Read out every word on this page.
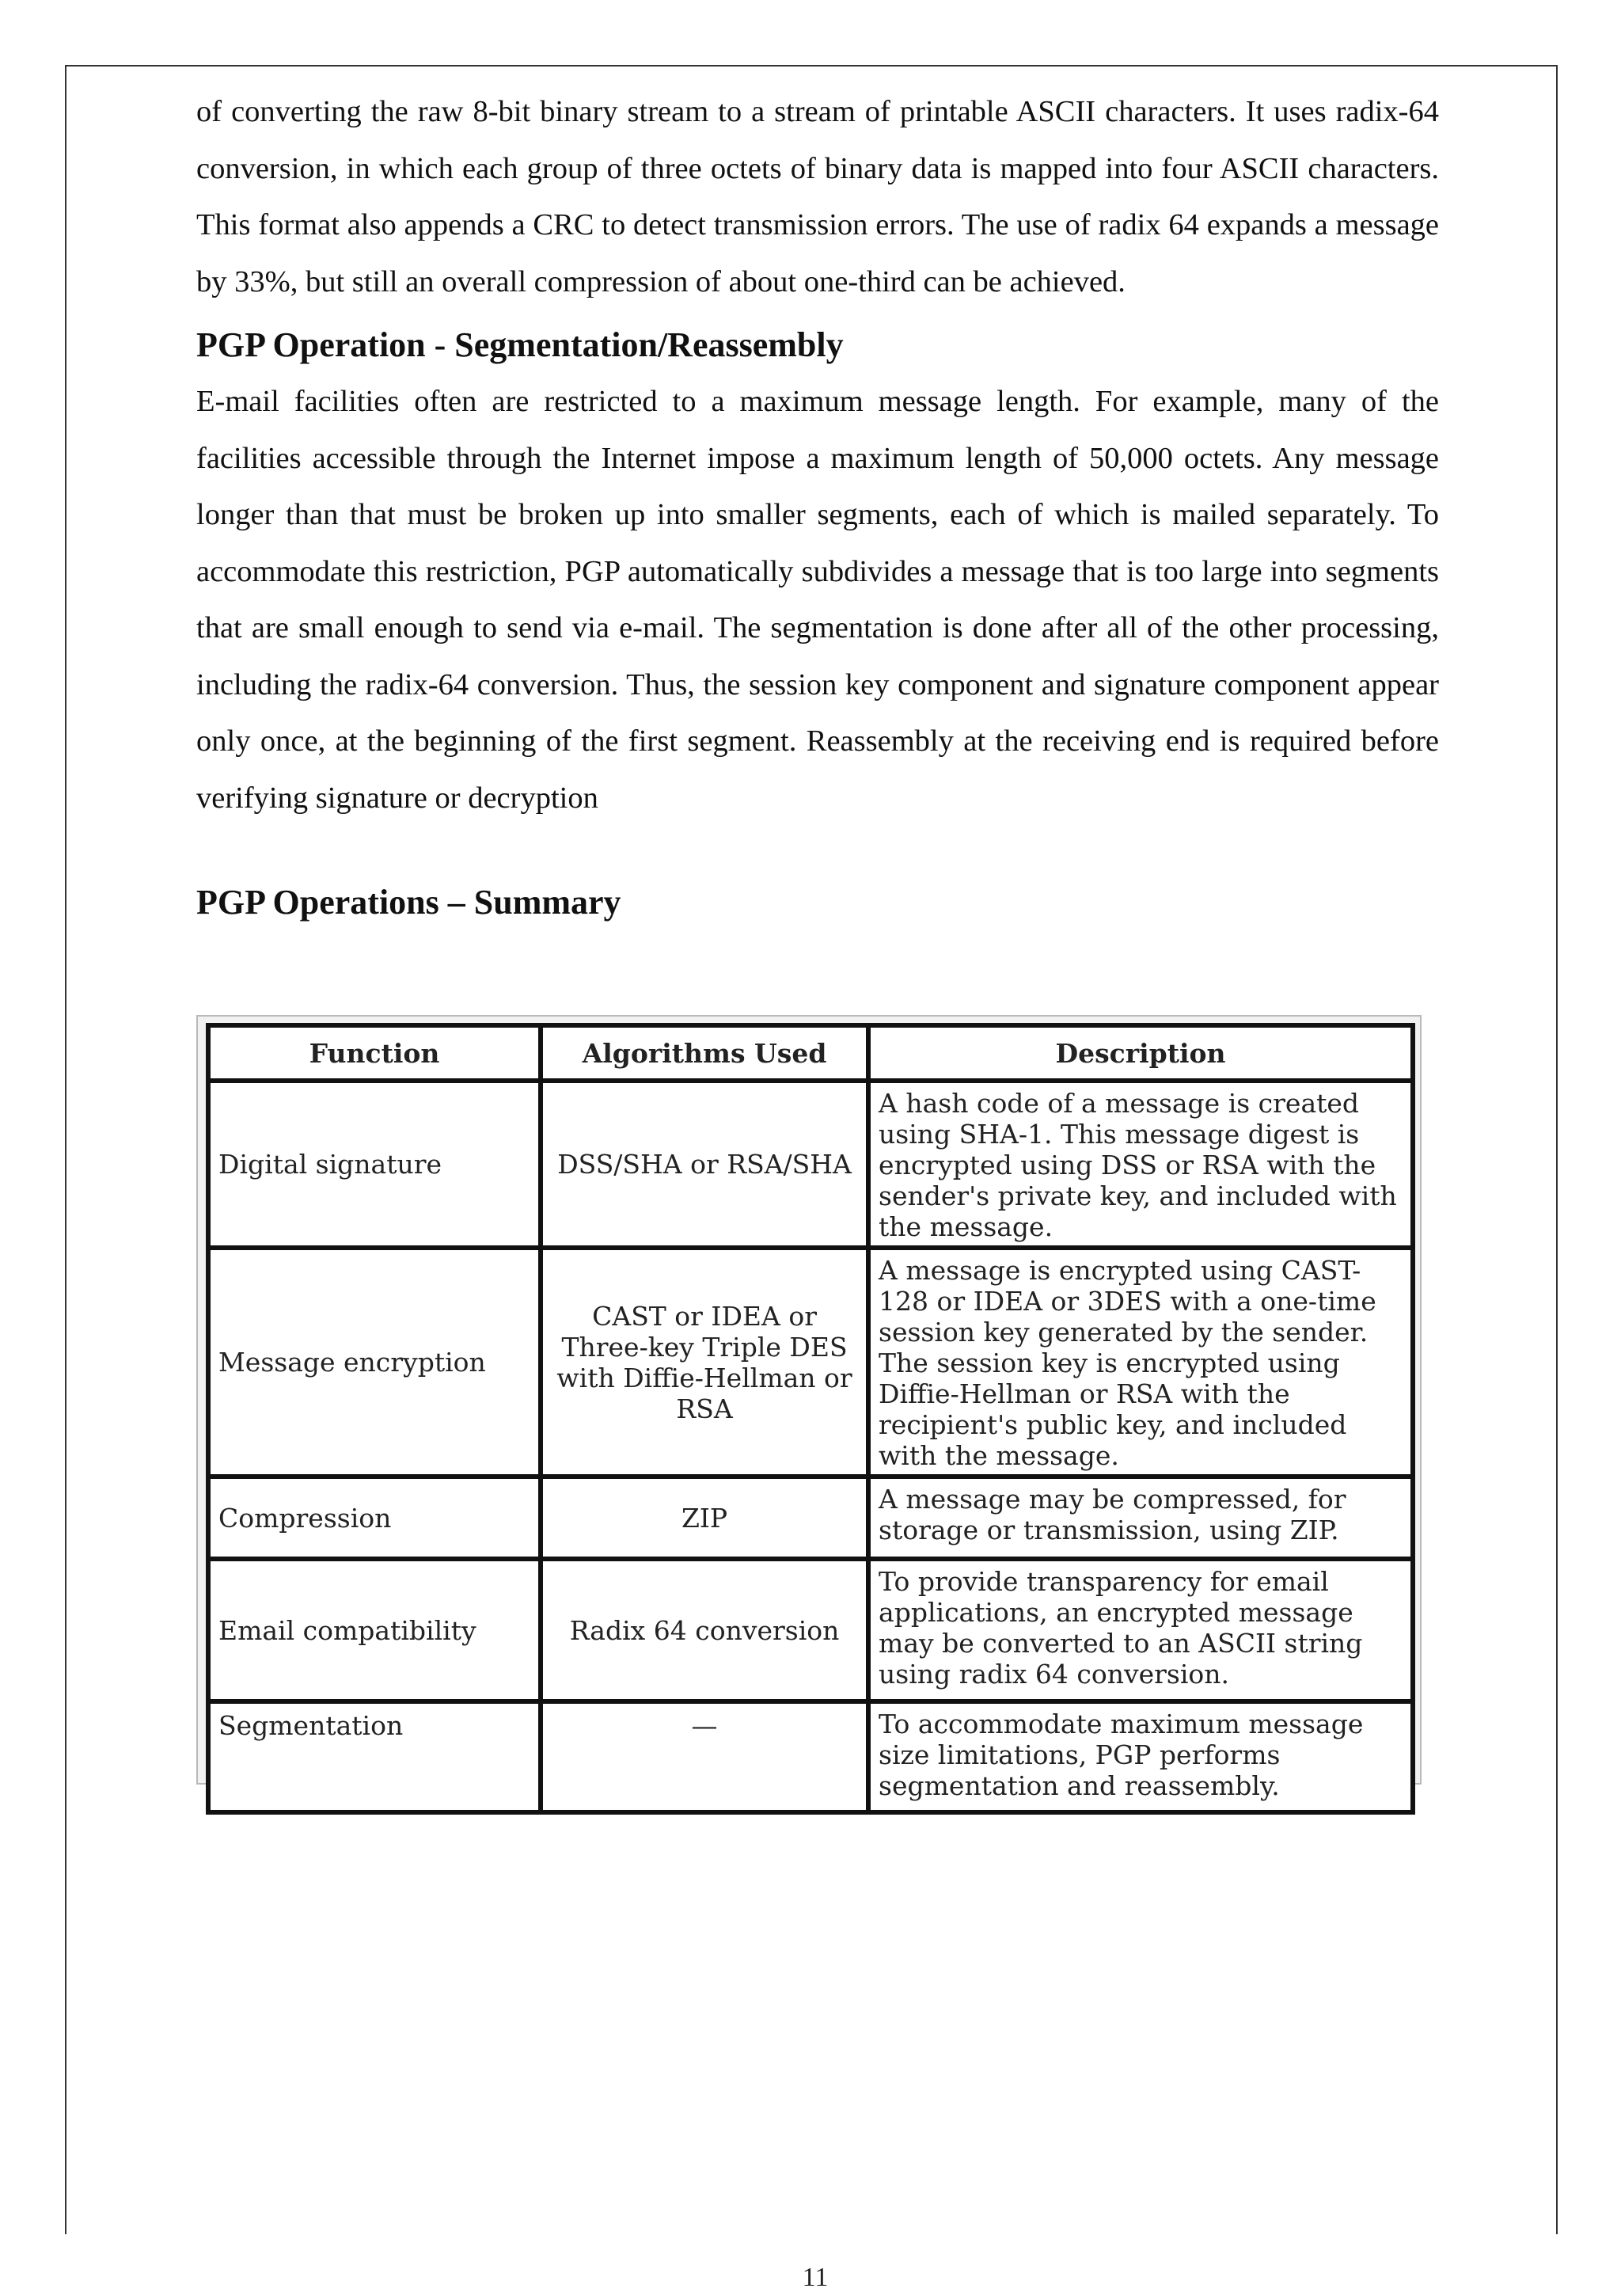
of converting the raw 8-bit binary stream to a stream of printable ASCII characters. It uses radix-64 conversion, in which each group of three octets of binary data is mapped into four ASCII characters. This format also appends a CRC to detect transmission errors. The use of radix 64 expands a message by 33%, but still an overall compression of about one-third can be achieved.

PGP Operation - Segmentation/Reassembly

E-mail facilities often are restricted to a maximum message length. For example, many of the facilities accessible through the Internet impose a maximum length of 50,000 octets. Any message longer than that must be broken up into smaller segments, each of which is mailed separately. To accommodate this restriction, PGP automatically subdivides a message that is too large into segments that are small enough to send via e-mail. The segmentation is done after all of the other processing, including the radix-64 conversion. Thus, the session key component and signature component appear only once, at the beginning of the first segment. Reassembly at the receiving end is required before verifying signature or decryption

PGP Operations – Summary
Function	Algorithms Used	Description
Digital signature	DSS/SHA or RSA/SHA	A hash code of a message is created using SHA-1. This message digest is encrypted using DSS or RSA with the sender's private key, and included with the message.
Message encryption	CAST or IDEA or Three-key Triple DES with Diffie-Hellman or RSA	A message is encrypted using CAST-128 or IDEA or 3DES with a one-time session key generated by the sender. The session key is encrypted using Diffie-Hellman or RSA with the recipient's public key, and included with the message.
Compression	ZIP	A message may be compressed, for storage or transmission, using ZIP.
Email compatibility	Radix 64 conversion	To provide transparency for email applications, an encrypted message may be converted to an ASCII string using radix 64 conversion.
Segmentation	—	To accommodate maximum message size limitations, PGP performs segmentation and reassembly.
11
